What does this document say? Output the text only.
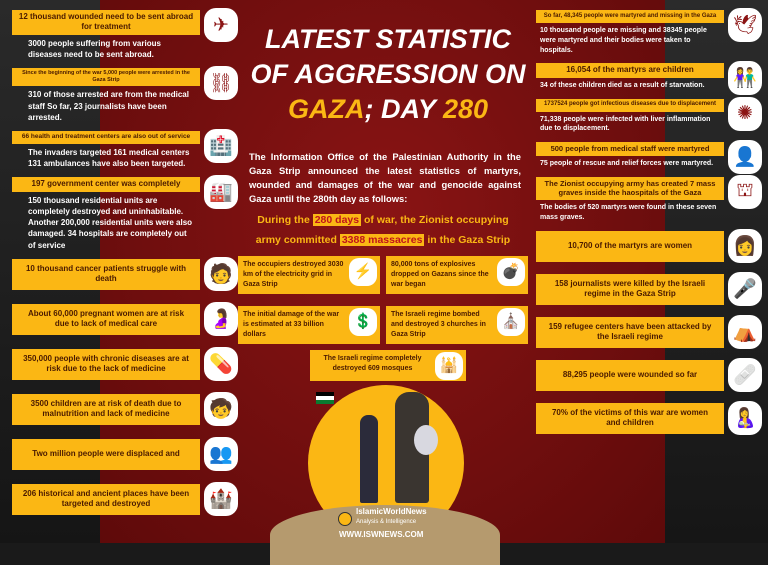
LATEST STATISTIC
OF AGGRESSION ON
GAZA; DAY 280
The Information Office of the Palestinian Authority in the Gaza Strip announced the latest statistics of martyrs, wounded and damages of the war and genocide against Gaza until the 280th day as follows:
During the 280 days of war, the Zionist occupying
army committed 3388 massacres in the Gaza Strip
12 thousand wounded need to be sent abroad for treatment
3000 people suffering from various diseases need to be sent abroad.
✈
Since the beginning of the war 5,000 people were arrested in the Gaza Strip
310 of those arrested are from the medical staff So far, 23 journalists have been arrested.
⛓
66 health and treatment centers are also out of service
The invaders targeted 161 medical centers 131 ambulances have also been targeted.
🏥
197 government center was completely
150 thousand residential units are completely destroyed and uninhabitable. Another 200,000 residential units were also damaged. 34 hospitals are completely out of service
🏭
10 thousand cancer patients struggle with death	🧑
About 60,000 pregnant women are at risk due to lack of medical care	🤰
350,000 people with chronic diseases are at risk due to the lack of medicine	💊
3500 children are at risk of death due to malnutrition and lack of medicine	🧒
Two million people were displaced and	👥
206 historical and ancient places have been targeted and destroyed	🏰
So far, 48,345 people were martyred and missing in the Gaza
10 thousand people are missing and 38345 people were martyred and their bodies were taken to hospitals.
🕊
16,054 of the martyrs are children
34 of these children died as a result of starvation.	👫
1737524 people got infectious diseases due to displacement
71,338 people were infected with liver inflammation due to displacement.
✺
500 people from medical staff were martyred
75 people of rescue and relief forces were martyred.	👤
The Zionist occupying army has created 7 mass graves inside the haospitals of the Gaza
The bodies of 520 martyrs were found in these seven mass graves.
⛫
10,700 of the martyrs are women	👩
158 journalists were killed by the Israeli regime in the Gaza Strip	🎤
159 refugee centers have been attacked by the Israeli regime	⛺
88,295 people were wounded so far	🩹
70% of the victims of this war are women and children	🤱
The occupiers destroyed 3030 km of the electricity grid in Gaza Strip
⚡	80,000 tons of explosives dropped on Gazans since the war began
💣
The initial damage of the war is estimated at 33 billion dollars
💲	The Israeli regime bombed and destroyed 3 churches in Gaza Strip
⛪
The Israeli regime completely destroyed 609 mosques	🕌
IslamicWorldNews
Analysis & Intelligence
WWW.ISWNEWS.COM
